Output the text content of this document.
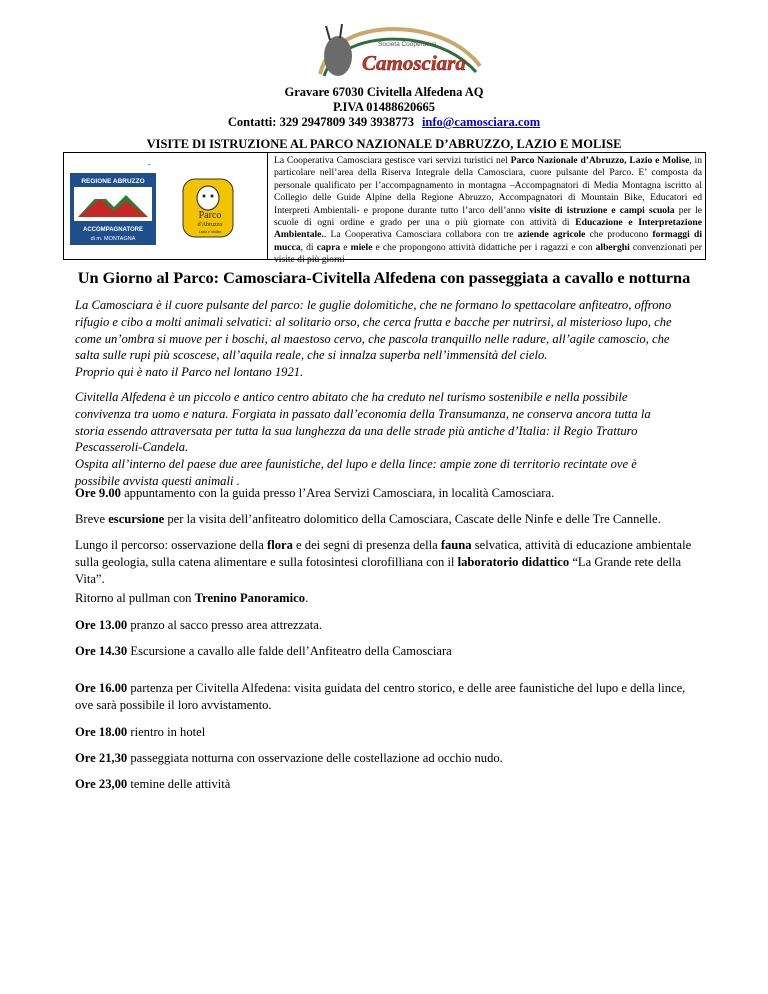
Società Cooperativa
Camosciara
Gravare 67030 Civitella Alfedena AQ
P.IVA 01488620665
Contatti: 329 2947809 349 3938773 info@camosciara.com
VISITE DI ISTRUZIONE AL PARCO NAZIONALE D’ABRUZZO, LAZIO E MOLISE
.	La Cooperativa Camosciara gestisce vari servizi turistici nel Parco Nazionale d’Abruzzo, Lazio e Molise, in particolare nell’area della Riserva Integrale della Camosciara, cuore pulsante del Parco. E’ composta da personale qualificato per l’accompagnamento in montagna –Accompagnatori di Media Montagna iscritto al Collegio delle Guide Alpine della Regione Abruzzo, Accompagnatori di Mountain Bike, Educatori ed Interpreti Ambientali- e propone durante tutto l’arco dell’anno visite di istruzione e campi scuola per le scuole di ogni ordine e grado per una o più giornate con attività di Educazione e Interpretazione Ambientale.. La Cooperativa Camosciara collabora con tre aziende agricole che producono formaggi di mucca, di capra e miele e che propongono attività didattiche per i ragazzi e con alberghi convenzionati per visite di più giorni
REGIONE ABRUZZO
ACCOMPAGNATORE
di m. MONTAGNA
Parco
d'Abruzzo
Lazio e Molise
Un Giorno al Parco: Camosciara-Civitella Alfedena con passeggiata a cavallo e notturna
La Camosciara è il cuore pulsante del parco: le guglie dolomitiche, che ne formano lo spettacolare anfiteatro, offrono
rifugio e cibo a molti animali selvatici: al solitario orso, che cerca frutta e bacche per nutrirsi, al misterioso lupo, che
come un’ombra si muove per i boschi, al maestoso cervo, che pascola tranquillo nelle radure, all’agile camoscio, che
salta sulle rupi più scoscese, all’aquila reale, che si innalza superba nell’immensità del cielo.
Proprio qui è nato il Parco nel lontano 1921.
Civitella Alfedena è un piccolo e antico centro abitato che ha creduto nel turismo sostenibile e nella possibile
convivenza tra uomo e natura. Forgiata in passato dall’economia della Transumanza, ne conserva ancora tutta la
storia essendo attraversata per tutta la sua lunghezza da una delle strade più antiche d’Italia: il Regio Tratturo
Pescasseroli-Candela.
Ospita all’interno del paese due aree faunistiche, del lupo e della lince: ampie zone di territorio recintate ove è
possibile avvista questi animali .
Ore 9.00 appuntamento con la guida presso l’Area Servizi Camosciara, in località Camosciara.
Breve escursione per la visita dell’anfiteatro dolomitico della Camosciara, Cascate delle Ninfe e delle Tre Cannelle.
Lungo il percorso: osservazione della flora e dei segni di presenza della fauna selvatica, attività di educazione ambientale sulla geologia, sulla catena alimentare e sulla fotosintesi clorofilliana con il laboratorio didattico “La Grande rete della Vita”.
Ritorno al pullman con Trenino Panoramico.
Ore 13.00 pranzo al sacco presso area attrezzata.
Ore 14.30 Escursione a cavallo alle falde dell’Anfiteatro della Camosciara
Ore 16.00 partenza per Civitella Alfedena: visita guidata del centro storico, e delle aree faunistiche del lupo e della lince, ove sarà possibile il loro avvistamento.
Ore 18.00 rientro in hotel
Ore 21,30 passeggiata notturna con osservazione delle costellazione ad occhio nudo.
Ore 23,00 temine delle attività
